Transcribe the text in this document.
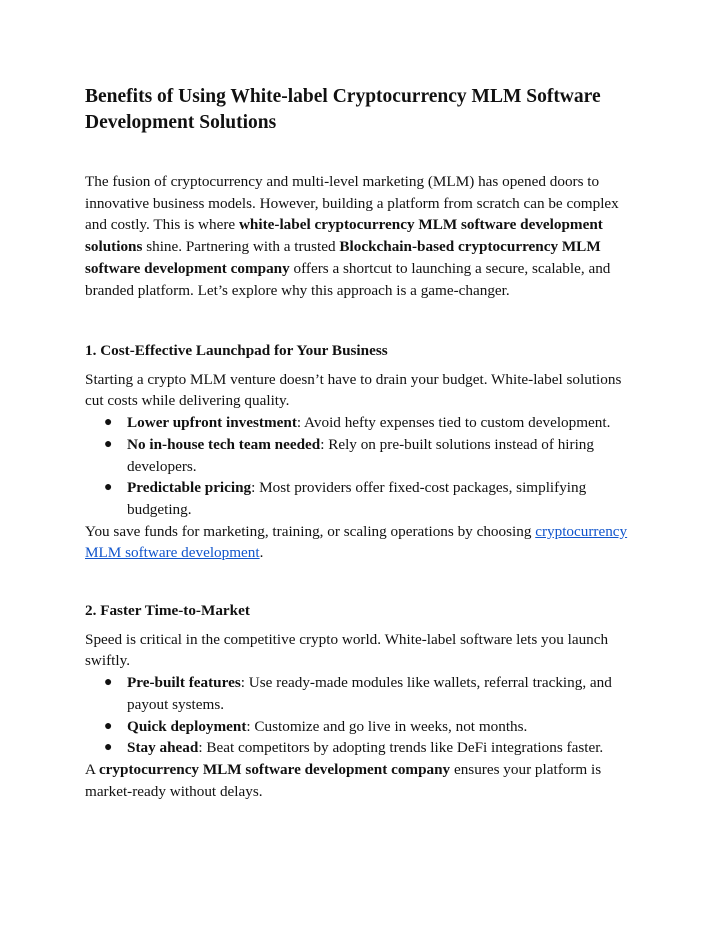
Benefits of Using White-label Cryptocurrency MLM Software Development Solutions

The fusion of cryptocurrency and multi-level marketing (MLM) has opened doors to innovative business models. However, building a platform from scratch can be complex and costly. This is where white-label cryptocurrency MLM software development solutions shine. Partnering with a trusted Blockchain-based cryptocurrency MLM software development company offers a shortcut to launching a secure, scalable, and branded platform. Let’s explore why this approach is a game-changer.

1. Cost-Effective Launchpad for Your Business

Starting a crypto MLM venture doesn’t have to drain your budget. White-label solutions cut costs while delivering quality.

● Lower upfront investment: Avoid hefty expenses tied to custom development.
● No in-house tech team needed: Rely on pre-built solutions instead of hiring developers.
● Predictable pricing: Most providers offer fixed-cost packages, simplifying budgeting.

You save funds for marketing, training, or scaling operations by choosing cryptocurrency MLM software development.

2. Faster Time-to-Market

Speed is critical in the competitive crypto world. White-label software lets you launch swiftly.

● Pre-built features: Use ready-made modules like wallets, referral tracking, and payout systems.
● Quick deployment: Customize and go live in weeks, not months.
● Stay ahead: Beat competitors by adopting trends like DeFi integrations faster.

A cryptocurrency MLM software development company ensures your platform is market-ready without delays.
